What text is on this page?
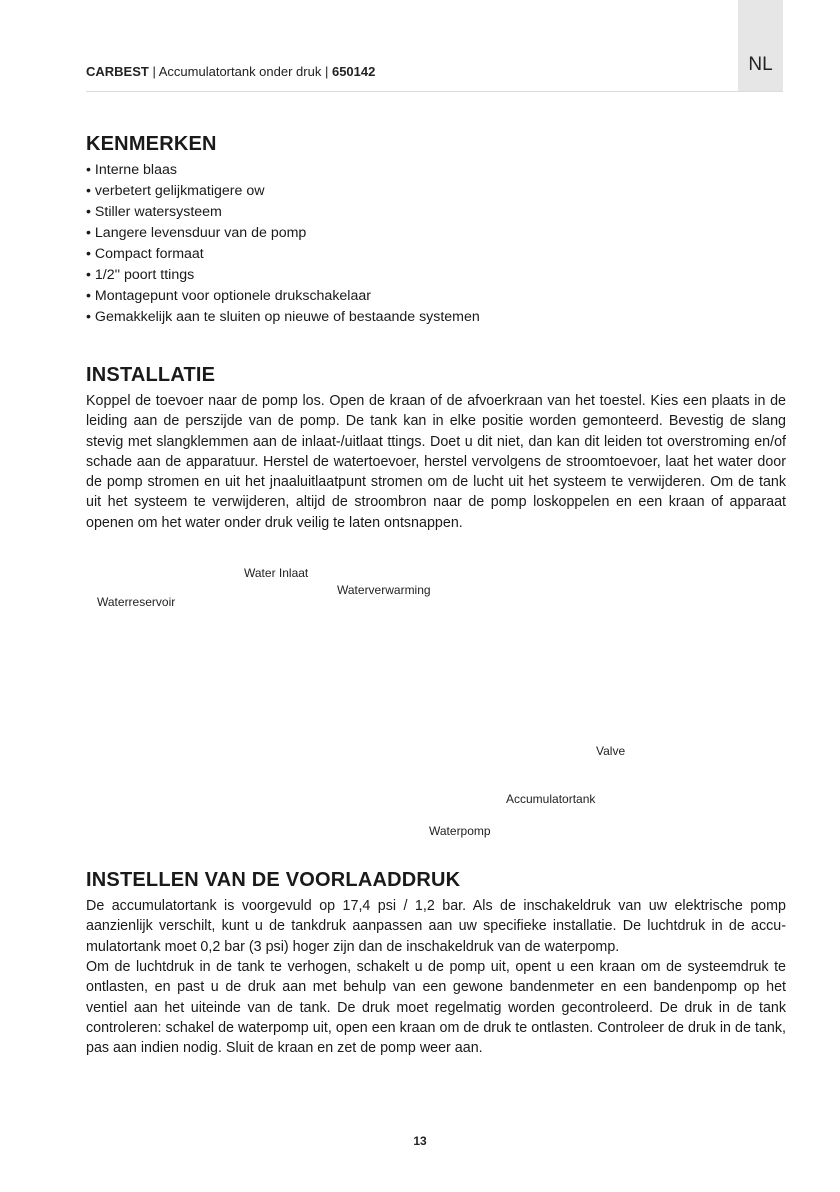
NL
CARBEST | Accumulatortank onder druk | 650142
KENMERKEN
• Interne blaas
• verbetert gelijkmatigere ow
• Stiller watersysteem
• Langere levensduur van de pomp
• Compact formaat
• 1/2'' poort ttings
• Montagepunt voor optionele drukschakelaar
• Gemakkelijk aan te sluiten op nieuwe of bestaande systemen
INSTALLATIE

Koppel de toevoer naar de pomp los. Open de kraan of de afvoerkraan van het toestel. Kies een plaats in de leiding aan de perszijde van de pomp. De tank kan in elke positie worden gemonteerd. Bevestig de slang stevig met slangklemmen aan de inlaat-/uitlaat ttings. Doet u dit niet, dan kan dit leiden tot overstroming en/of schade aan de apparatuur. Herstel de watertoevoer, herstel vervolgens de stroomtoevoer, laat het water door de pomp stromen en uit het jnaaluitlaatpunt stromen om de lucht uit het systeem te verwijderen. Om de tank uit het systeem te verwijderen, altijd de stroombron naar de pomp loskoppelen en een kraan of apparaat openen om het water onder druk veilig te laten ontsnappen.

Water Inlaat
Waterverwarming
Waterreservoir
Valve
Accumulatortank
Waterpomp
INSTELLEN VAN DE VOORLAADDRUK

De accumulatortank is voorgevuld op 17,4 psi / 1,2 bar. Als de inschakeldruk van uw elektrische pomp aanzienlijk verschilt, kunt u de tankdruk aanpassen aan uw specifieke installatie. De luchtdruk in de accumulatortank moet 0,2 bar (3 psi) hoger zijn dan de inschakeldruk van de waterpomp.

Om de luchtdruk in de tank te verhogen, schakelt u de pomp uit, opent u een kraan om de systeemdruk te ontlasten, en past u de druk aan met behulp van een gewone bandenmeter en een bandenpomp op het ventiel aan het uiteinde van de tank. De druk moet regelmatig worden gecontroleerd. De druk in de tank controleren: schakel de waterpomp uit, open een kraan om de druk te ontlasten. Controleer de druk in de tank, pas aan indien nodig. Sluit de kraan en zet de pomp weer aan.

13
